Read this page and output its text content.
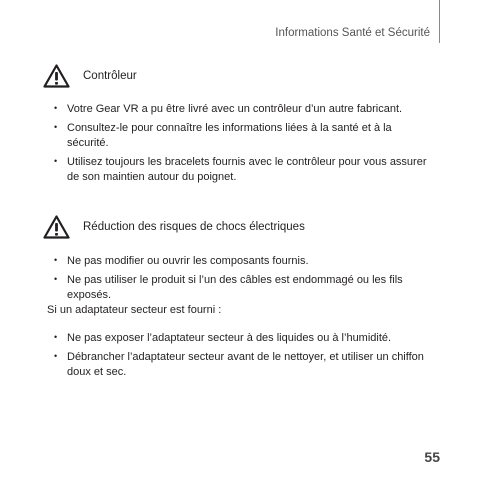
Informations Santé et Sécurité
Contrôleur
• Votre Gear VR a pu être livré avec un contrôleur d’un autre fabricant.
• Consultez-le pour connaître les informations liées à la santé et à la sécurité.
• Utilisez toujours les bracelets fournis avec le contrôleur pour vous assurer de son maintien autour du poignet.
Réduction des risques de chocs électriques
• Ne pas modifier ou ouvrir les composants fournis.
• Ne pas utiliser le produit si l’un des câbles est endommagé ou les fils exposés.
Si un adaptateur secteur est fourni :
• Ne pas exposer l’adaptateur secteur à des liquides ou à l’humidité.
• Débrancher l’adaptateur secteur avant de le nettoyer, et utiliser un chiffon doux et sec.
55
